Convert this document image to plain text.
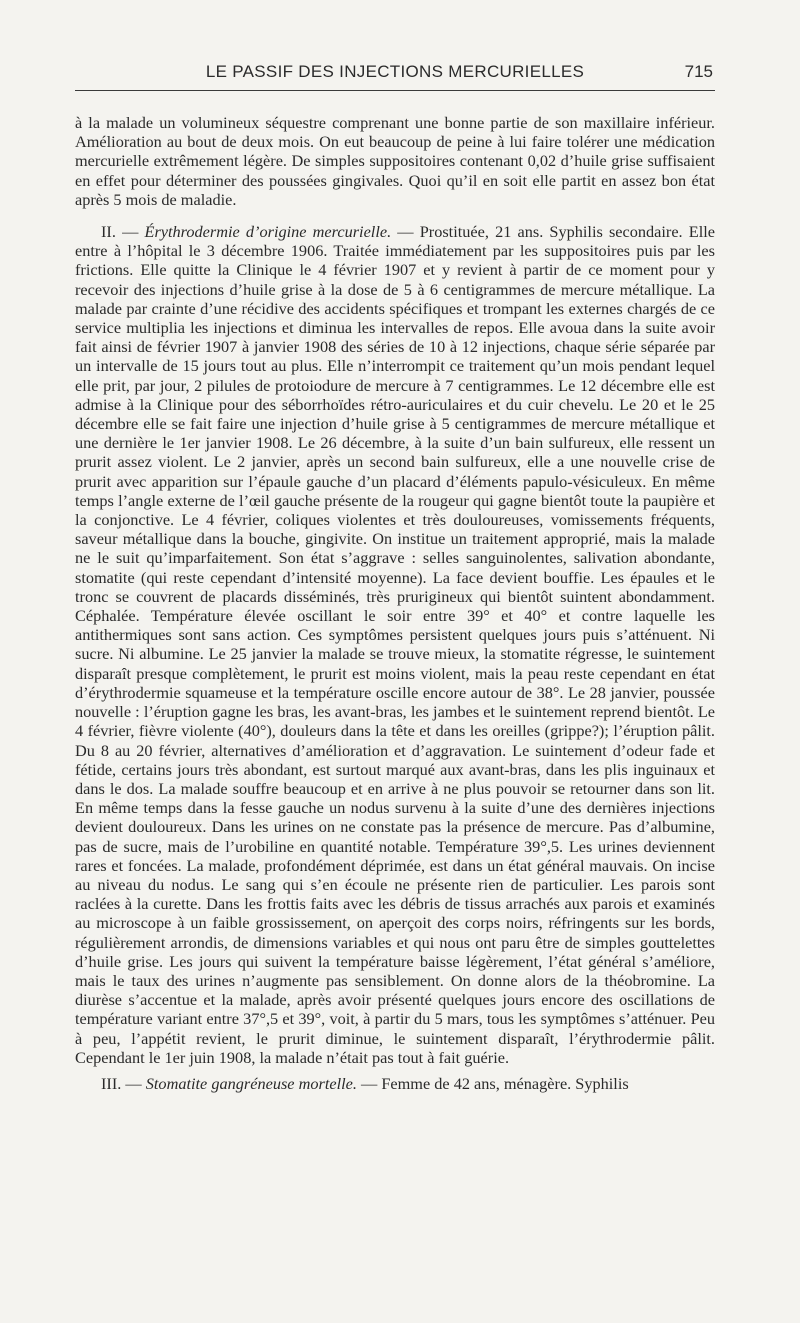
LE PASSIF DES INJECTIONS MERCURIELLES	715

à la malade un volumineux séquestre comprenant une bonne partie de son maxillaire inférieur. Amélioration au bout de deux mois. On eut beaucoup de peine à lui faire tolérer une médication mercurielle extrêmement légère. De simples suppositoires contenant 0,02 d’huile grise suffisaient en effet pour déterminer des poussées gingivales. Quoi qu’il en soit elle partit en assez bon état après 5 mois de maladie.

II. — Érythrodermie d’origine mercurielle. — Prostituée, 21 ans. Syphilis secondaire. Elle entre à l’hôpital le 3 décembre 1906. Traitée immédiatement par les suppositoires puis par les frictions. Elle quitte la Clinique le 4 février 1907 et y revient à partir de ce moment pour y recevoir des injections d’huile grise à la dose de 5 à 6 centigrammes de mercure métallique. La malade par crainte d’une récidive des accidents spécifiques et trompant les externes chargés de ce service multiplia les injections et diminua les intervalles de repos. Elle avoua dans la suite avoir fait ainsi de février 1907 à janvier 1908 des séries de 10 à 12 injections, chaque série séparée par un intervalle de 15 jours tout au plus. Elle n’interrompit ce traitement qu’un mois pendant lequel elle prit, par jour, 2 pilules de protoiodure de mercure à 7 centigrammes. Le 12 décembre elle est admise à la Clinique pour des séborrhoïdes rétro-auriculaires et du cuir chevelu. Le 20 et le 25 décembre elle se fait faire une injection d’huile grise à 5 centigrammes de mercure métallique et une dernière le 1er janvier 1908. Le 26 décembre, à la suite d’un bain sulfureux, elle ressent un prurit assez violent. Le 2 janvier, après un second bain sulfureux, elle a une nouvelle crise de prurit avec apparition sur l’épaule gauche d’un placard d’éléments papulo-vésiculeux. En même temps l’angle externe de l’œil gauche présente de la rougeur qui gagne bientôt toute la paupière et la conjonctive. Le 4 février, coliques violentes et très douloureuses, vomissements fréquents, saveur métallique dans la bouche, gingivite. On institue un traitement approprié, mais la malade ne le suit qu’imparfaitement. Son état s’aggrave : selles sanguinolentes, salivation abondante, stomatite (qui reste cependant d’intensité moyenne). La face devient bouffie. Les épaules et le tronc se couvrent de placards disséminés, très prurigineux qui bientôt suintent abondamment. Céphalée. Température élevée oscillant le soir entre 39° et 40° et contre laquelle les antithermiques sont sans action. Ces symptômes persistent quelques jours puis s’atténuent. Ni sucre. Ni albumine. Le 25 janvier la malade se trouve mieux, la stomatite régresse, le suintement disparaît presque complètement, le prurit est moins violent, mais la peau reste cependant en état d’érythrodermie squameuse et la température oscille encore autour de 38°. Le 28 janvier, poussée nouvelle : l’éruption gagne les bras, les avant-bras, les jambes et le suintement reprend bientôt. Le 4 février, fièvre violente (40°), douleurs dans la tête et dans les oreilles (grippe?); l’éruption pâlit. Du 8 au 20 février, alternatives d’amélioration et d’aggravation. Le suintement d’odeur fade et fétide, certains jours très abondant, est surtout marqué aux avant-bras, dans les plis inguinaux et dans le dos. La malade souffre beaucoup et en arrive à ne plus pouvoir se retourner dans son lit. En même temps dans la fesse gauche un nodus survenu à la suite d’une des dernières injections devient douloureux. Dans les urines on ne constate pas la présence de mercure. Pas d’albumine, pas de sucre, mais de l’urobiline en quantité notable. Température 39°,5. Les urines deviennent rares et foncées. La malade, profondément déprimée, est dans un état général mauvais. On incise au niveau du nodus. Le sang qui s’en écoule ne présente rien de particulier. Les parois sont raclées à la curette. Dans les frottis faits avec les débris de tissus arrachés aux parois et examinés au microscope à un faible grossissement, on aperçoit des corps noirs, réfringents sur les bords, régulièrement arrondis, de dimensions variables et qui nous ont paru être de simples gouttelettes d’huile grise. Les jours qui suivent la température baisse légèrement, l’état général s’améliore, mais le taux des urines n’augmente pas sensiblement. On donne alors de la théobromine. La diurèse s’accentue et la malade, après avoir présenté quelques jours encore des oscillations de température variant entre 37°,5 et 39°, voit, à partir du 5 mars, tous les symptômes s’atténuer. Peu à peu, l’appétit revient, le prurit diminue, le suintement disparaît, l’érythrodermie pâlit. Cependant le 1er juin 1908, la malade n’était pas tout à fait guérie.

III. — Stomatite gangréneuse mortelle. — Femme de 42 ans, ménagère. Syphilis
